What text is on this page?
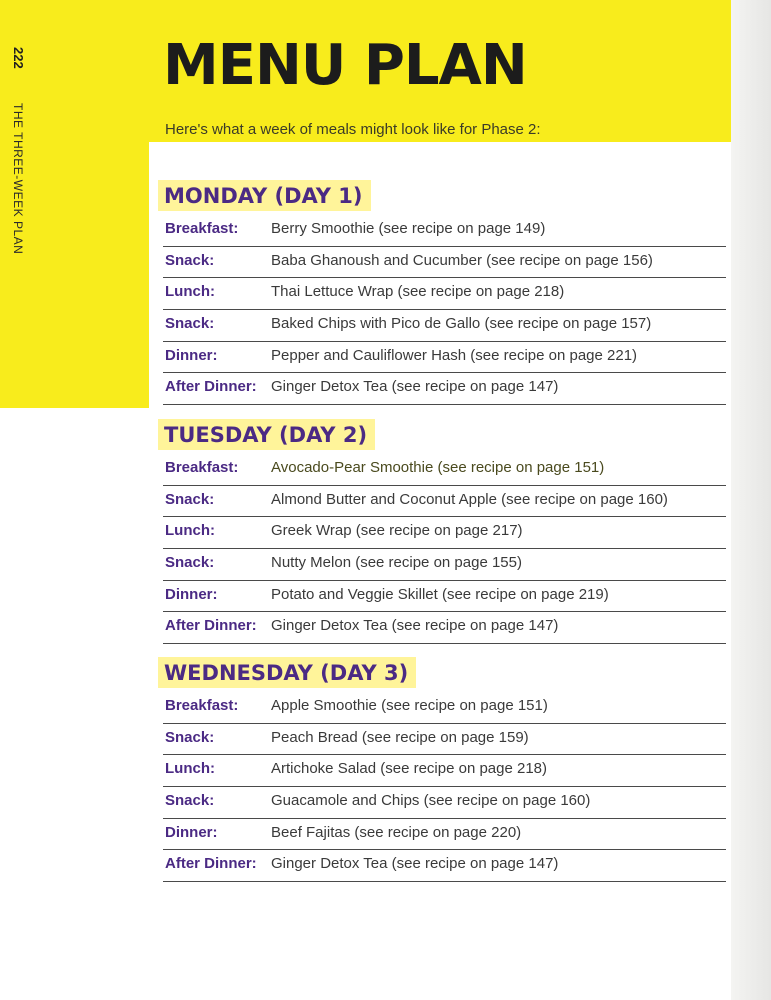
222
THE THREE-WEEK PLAN
MENU PLAN
Here's what a week of meals might look like for Phase 2:
MONDAY (DAY 1)
Breakfast: Berry Smoothie (see recipe on page 149)
Snack:	Baba Ghanoush and Cucumber (see recipe on page 156)
Lunch:	Thai Lettuce Wrap (see recipe on page 218)
Snack:	Baked Chips with Pico de Gallo (see recipe on page 157)
Dinner:	Pepper and Cauliflower Hash (see recipe on page 221)
After Dinner: Ginger Detox Tea (see recipe on page 147)
TUESDAY (DAY 2)
Breakfast: Avocado-Pear Smoothie (see recipe on page 151)
Snack:	Almond Butter and Coconut Apple (see recipe on page 160)
Lunch:	Greek Wrap (see recipe on page 217)
Snack:	Nutty Melon (see recipe on page 155)
Dinner:	Potato and Veggie Skillet (see recipe on page 219)
After Dinner: Ginger Detox Tea (see recipe on page 147)
WEDNESDAY (DAY 3)
Breakfast: Apple Smoothie (see recipe on page 151)
Snack:	Peach Bread (see recipe on page 159)
Lunch:	Artichoke Salad (see recipe on page 218)
Snack:	Guacamole and Chips (see recipe on page 160)
Dinner:	Beef Fajitas (see recipe on page 220)
After Dinner: Ginger Detox Tea (see recipe on page 147)
